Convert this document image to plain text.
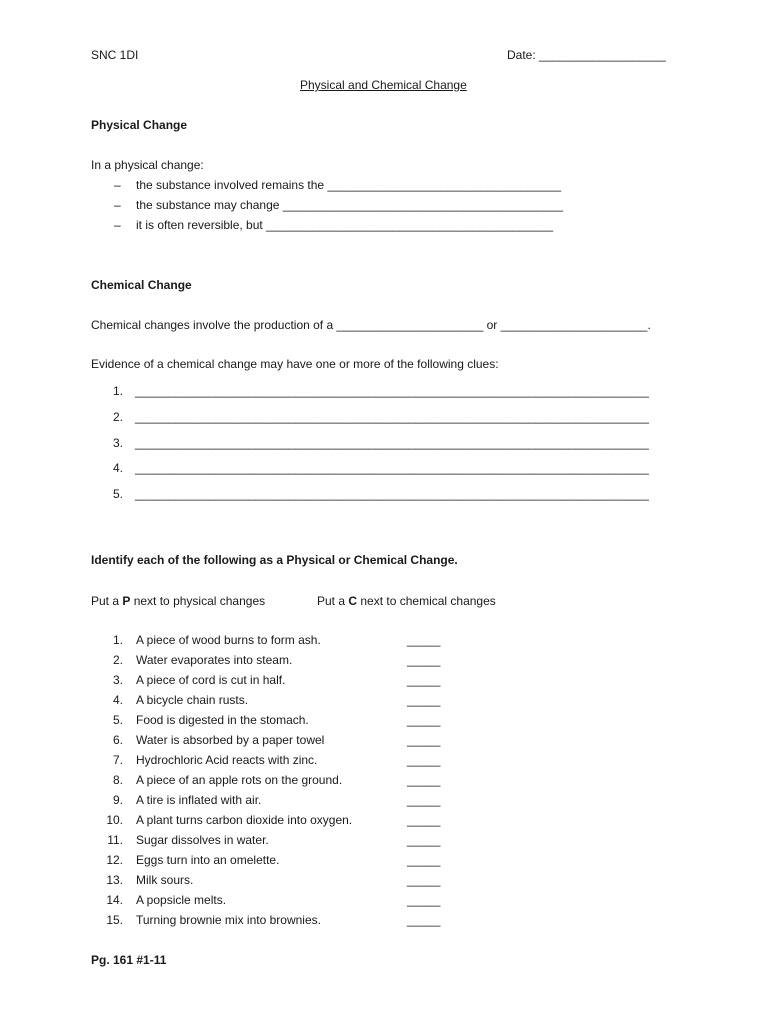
SNC 1DI	Date: ___________________
Physical and Chemical Change
Physical Change
In a physical change:
– the substance involved remains the ___________________________________
– the substance may change __________________________________________
– it is often reversible, but ___________________________________________
Chemical Change
Chemical changes involve the production of a ______________________ or ______________________.
Evidence of a chemical change may have one or more of the following clues:
1. _____________________________________________________________________________
2. _____________________________________________________________________________
3. _____________________________________________________________________________
4. _____________________________________________________________________________
5. _____________________________________________________________________________
Identify each of the following as a Physical or Chemical Change.
Put a P next to physical changes	Put a C next to chemical changes
1. A piece of wood burns to form ash.	_____
2. Water evaporates into steam.	_____
3. A piece of cord is cut in half.	_____
4. A bicycle chain rusts.	_____
5. Food is digested in the stomach.	_____
6. Water is absorbed by a paper towel	_____
7. Hydrochloric Acid reacts with zinc.	_____
8. A piece of an apple rots on the ground.	_____
9. A tire is inflated with air.	_____
10. A plant turns carbon dioxide into oxygen.	_____
11. Sugar dissolves in water.	_____
12. Eggs turn into an omelette.	_____
13. Milk sours.	_____
14. A popsicle melts.	_____
15. Turning brownie mix into brownies.	_____
Pg. 161 #1-11
